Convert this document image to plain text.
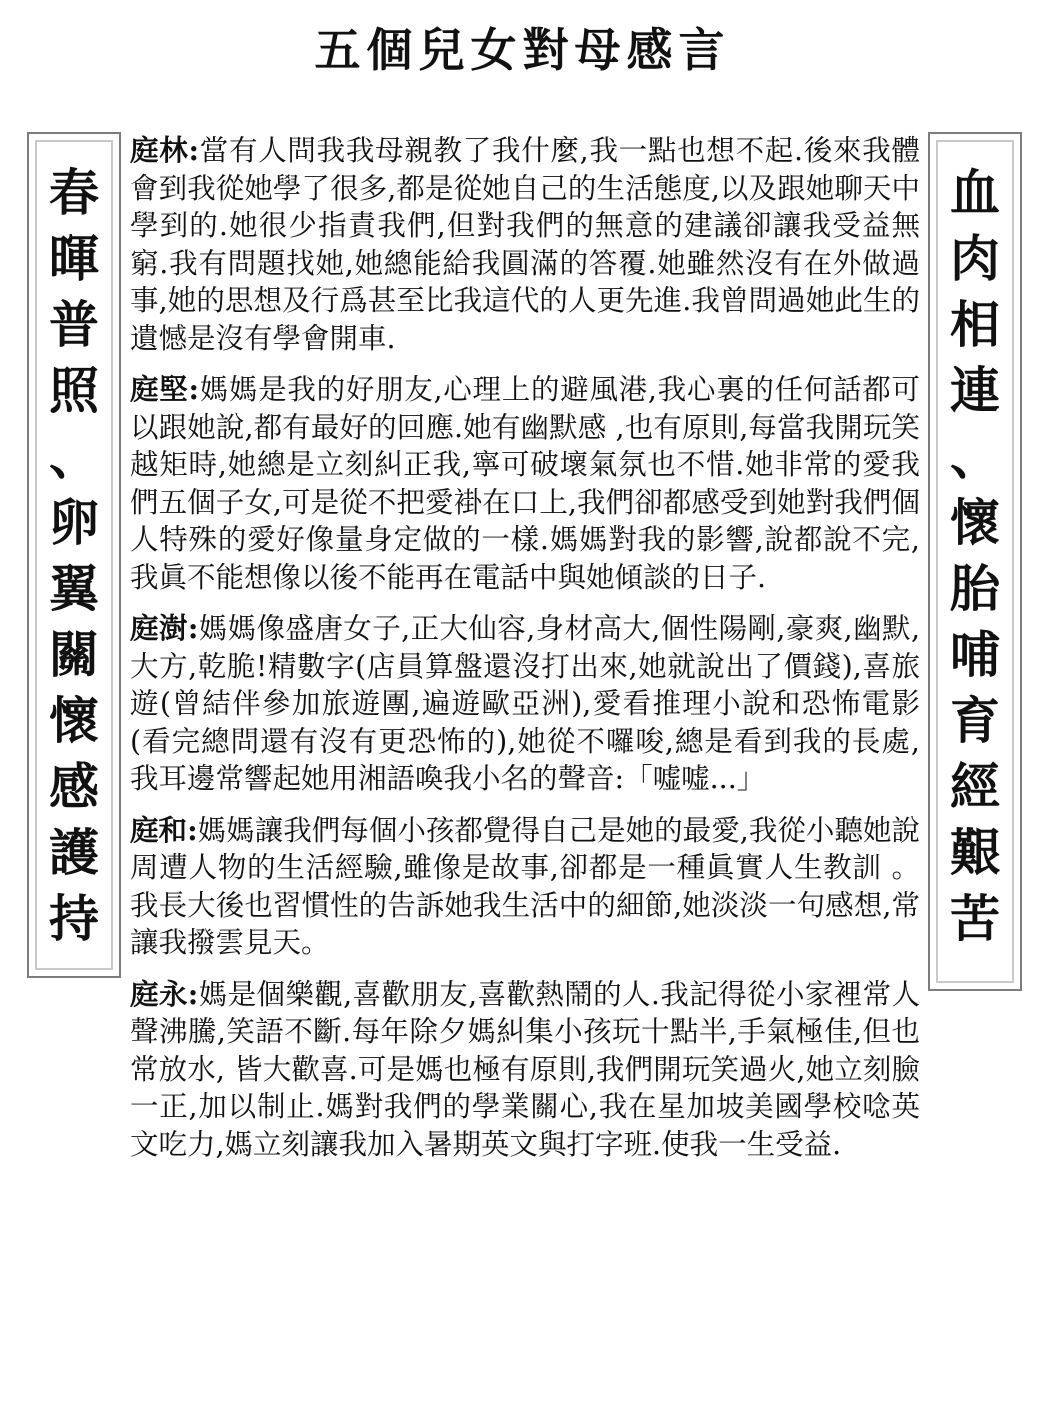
五個兒女對母感言
春
暉
普
照
、
卵
翼
關
懷
感
護
持
血
肉
相
連
、
懷
胎
哺
育
經
艱
苦

庭林:當有人問我我母親教了我什麼,我一點也想不起.後來我體會到我從她學了很多,都是從她自己的生活態度,以及跟她聊天中學到的.她很少指責我們,但對我們的無意的建議卻讓我受益無窮.我有問題找她,她總能給我圓滿的答覆.她雖然沒有在外做過事,她的思想及行爲甚至比我這代的人更先進.我曾問過她此生的遺憾是沒有學會開車.

庭堅:媽媽是我的好朋友,心理上的避風港,我心裏的任何話都可以跟她說,都有最好的回應.她有幽默感 ,也有原則,每當我開玩笑越矩時,她總是立刻糾正我,寧可破壞氣氛也不惜.她非常的愛我們五個子女,可是從不把愛褂在口上,我們卻都感受到她對我們個人特殊的愛好像量身定做的一樣.媽媽對我的影響,說都說不完,我眞不能想像以後不能再在電話中與她傾談的日子.

庭澍:媽媽像盛唐女子,正大仙容,身材高大,個性陽剛,豪爽,幽默,大方,乾脆!精數字(店員算盤還沒打出來,她就說出了價錢),喜旅遊(曾結伴參加旅遊團,遍遊歐亞洲),愛看推理小說和恐怖電影(看完總問還有沒有更恐怖的),她從不囉唆,總是看到我的長處,我耳邊常響起她用湘語喚我小名的聲音:「嘘嘘...」

庭和:媽媽讓我們每個小孩都覺得自己是她的最愛,我從小聽她說周遭人物的生活經驗,雖像是故事,卻都是一種眞實人生教訓 。我長大後也習慣性的告訴她我生活中的細節,她淡淡一句感想,常讓我撥雲見天。

庭永:媽是個樂觀,喜歡朋友,喜歡熱鬧的人.我記得從小家裡常人聲沸騰,笑語不斷.每年除夕媽糾集小孩玩十點半,手氣極佳,但也常放水, 皆大歡喜.可是媽也極有原則,我們開玩笑過火,她立刻臉一正,加以制止.媽對我們的學業關心,我在星加坡美國學校唸英文吃力,媽立刻讓我加入暑期英文與打字班.使我一生受益.
